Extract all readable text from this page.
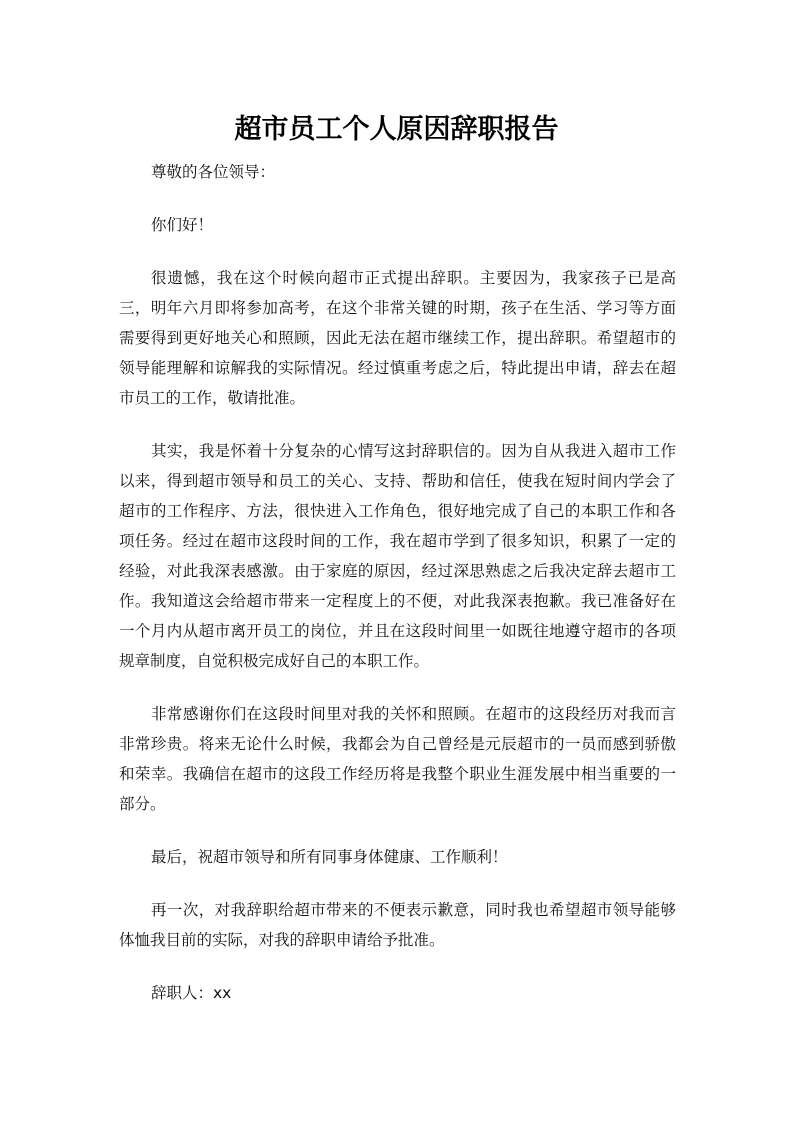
超市员工个人原因辞职报告

尊敬的各位领导：

你们好！

很遗憾，我在这个时候向超市正式提出辞职。主要因为，我家孩子已是高三，明年六月即将参加高考，在这个非常关键的时期，孩子在生活、学习等方面需要得到更好地关心和照顾，因此无法在超市继续工作，提出辞职。希望超市的领导能理解和谅解我的实际情况。经过慎重考虑之后，特此提出申请，辞去在超市员工的工作，敬请批准。

其实，我是怀着十分复杂的心情写这封辞职信的。因为自从我进入超市工作以来，得到超市领导和员工的关心、支持、帮助和信任，使我在短时间内学会了超市的工作程序、方法，很快进入工作角色，很好地完成了自己的本职工作和各项任务。经过在超市这段时间的工作，我在超市学到了很多知识，积累了一定的经验，对此我深表感激。由于家庭的原因，经过深思熟虑之后我决定辞去超市工作。我知道这会给超市带来一定程度上的不便，对此我深表抱歉。我已准备好在一个月内从超市离开员工的岗位，并且在这段时间里一如既往地遵守超市的各项规章制度，自觉积极完成好自己的本职工作。

非常感谢你们在这段时间里对我的关怀和照顾。在超市的这段经历对我而言非常珍贵。将来无论什么时候，我都会为自己曾经是元辰超市的一员而感到骄傲和荣幸。我确信在超市的这段工作经历将是我整个职业生涯发展中相当重要的一部分。

最后，祝超市领导和所有同事身体健康、工作顺利！

再一次，对我辞职给超市带来的不便表示歉意，同时我也希望超市领导能够体恤我目前的实际，对我的辞职申请给予批准。

辞职人：xx
